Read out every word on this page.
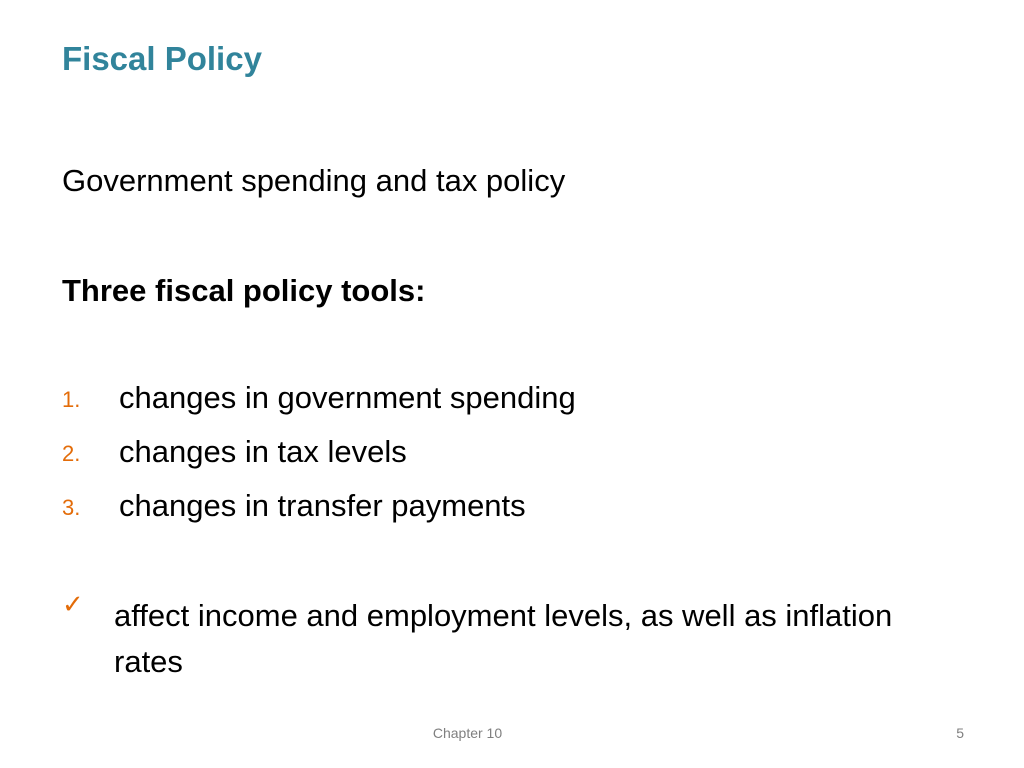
Fiscal Policy
Government spending and tax policy
Three fiscal policy tools:
1. changes in government spending
2. changes in tax levels
3. changes in transfer payments
✓ affect income and employment levels, as well as inflation rates
Chapter 10	5
